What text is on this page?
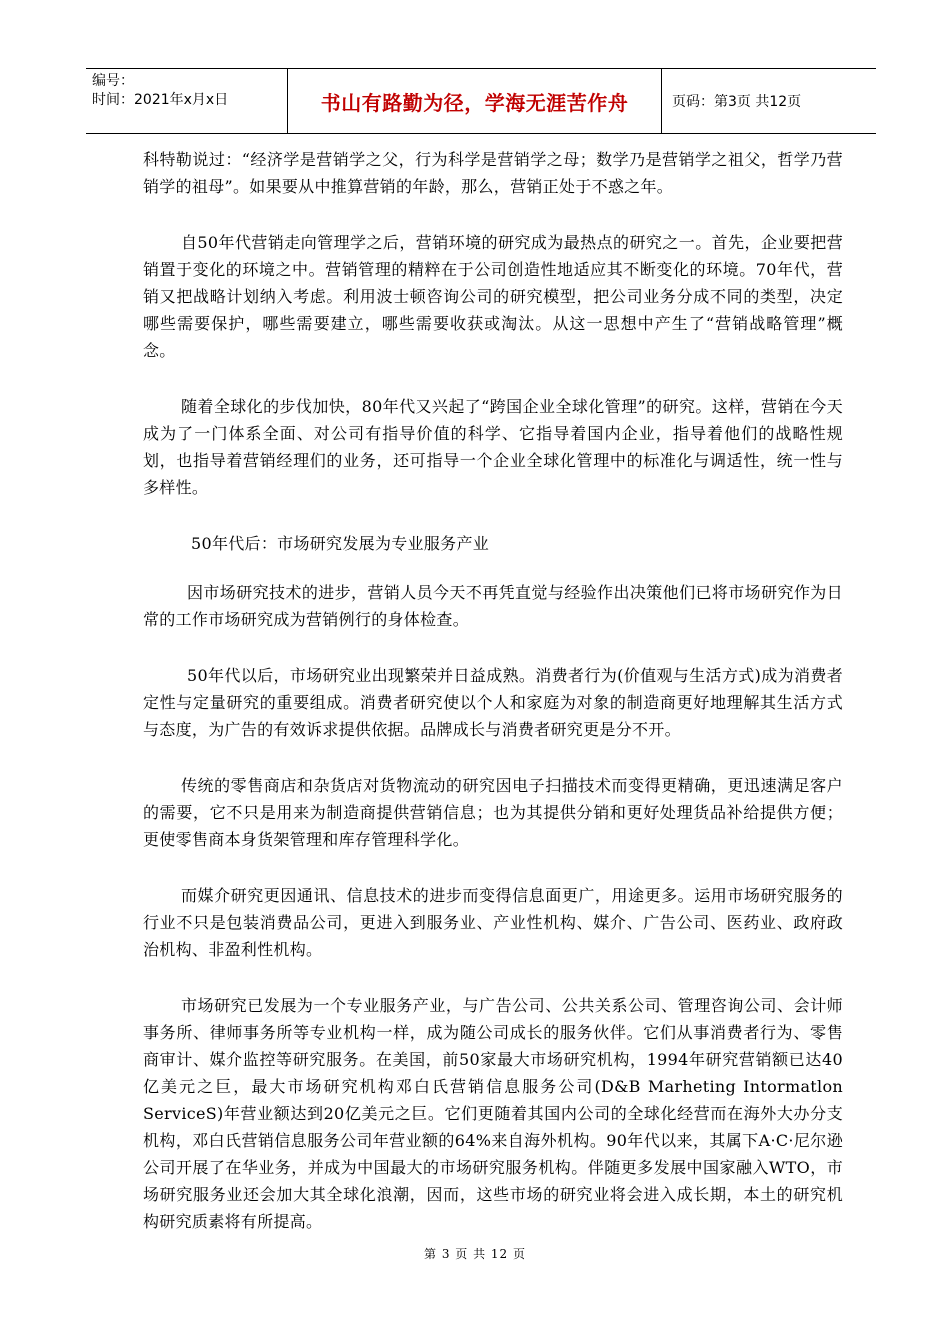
编号：
时间：2021年x月x日	书山有路勤为径，学海无涯苦作舟	页码：第3页 共12页

科特勒说过：“经济学是营销学之父，行为科学是营销学之母；数学乃是营销学之祖父，哲学乃营销学的祖母”。如果要从中推算营销的年龄，那么，营销正处于不惑之年。

自50年代营销走向管理学之后，营销环境的研究成为最热点的研究之一。首先，企业要把营销置于变化的环境之中。营销管理的精粹在于公司创造性地适应其不断变化的环境。70年代，营销又把战略计划纳入考虑。利用波士顿咨询公司的研究模型，把公司业务分成不同的类型，决定哪些需要保护，哪些需要建立，哪些需要收获或淘汰。从这一思想中产生了“营销战略管理”概念。

随着全球化的步伐加快，80年代又兴起了“跨国企业全球化管理”的研究。这样，营销在今天成为了一门体系全面、对公司有指导价值的科学、它指导着国内企业，指导着他们的战略性规划，也指导着营销经理们的业务，还可指导一个企业全球化管理中的标准化与调适性，统一性与多样性。

50年代后：市场研究发展为专业服务产业

因市场研究技术的进步，营销人员今天不再凭直觉与经验作出决策他们已将市场研究作为日常的工作市场研究成为营销例行的身体检查。

50年代以后，市场研究业出现繁荣并日益成熟。消费者行为(价值观与生活方式)成为消费者定性与定量研究的重要组成。消费者研究使以个人和家庭为对象的制造商更好地理解其生活方式与态度，为广告的有效诉求提供依据。品牌成长与消费者研究更是分不开。

传统的零售商店和杂货店对货物流动的研究因电子扫描技术而变得更精确，更迅速满足客户的需要，它不只是用来为制造商提供营销信息；也为其提供分销和更好处理货品补给提供方便；更使零售商本身货架管理和库存管理科学化。

而媒介研究更因通讯、信息技术的进步而变得信息面更广，用途更多。运用市场研究服务的行业不只是包装消费品公司，更进入到服务业、产业性机构、媒介、广告公司、医药业、政府政治机构、非盈利性机构。

市场研究已发展为一个专业服务产业，与广告公司、公共关系公司、管理咨询公司、会计师事务所、律师事务所等专业机构一样，成为随公司成长的服务伙伴。它们从事消费者行为、零售商审计、媒介监控等研究服务。在美国，前50家最大市场研究机构，1994年研究营销额已达40亿美元之巨，最大市场研究机构邓白氏营销信息服务公司(D&B Marheting Intormatlon ServiceS)年营业额达到20亿美元之巨。它们更随着其国内公司的全球化经营而在海外大办分支机构，邓白氏营销信息服务公司年营业额的64%来自海外机构。90年代以来，其属下A·C·尼尔逊公司开展了在华业务，并成为中国最大的市场研究服务机构。伴随更多发展中国家融入WTO，市场研究服务业还会加大其全球化浪潮，因而，这些市场的研究业将会进入成长期，本土的研究机构研究质素将有所提高。

第 3 页 共 12 页
